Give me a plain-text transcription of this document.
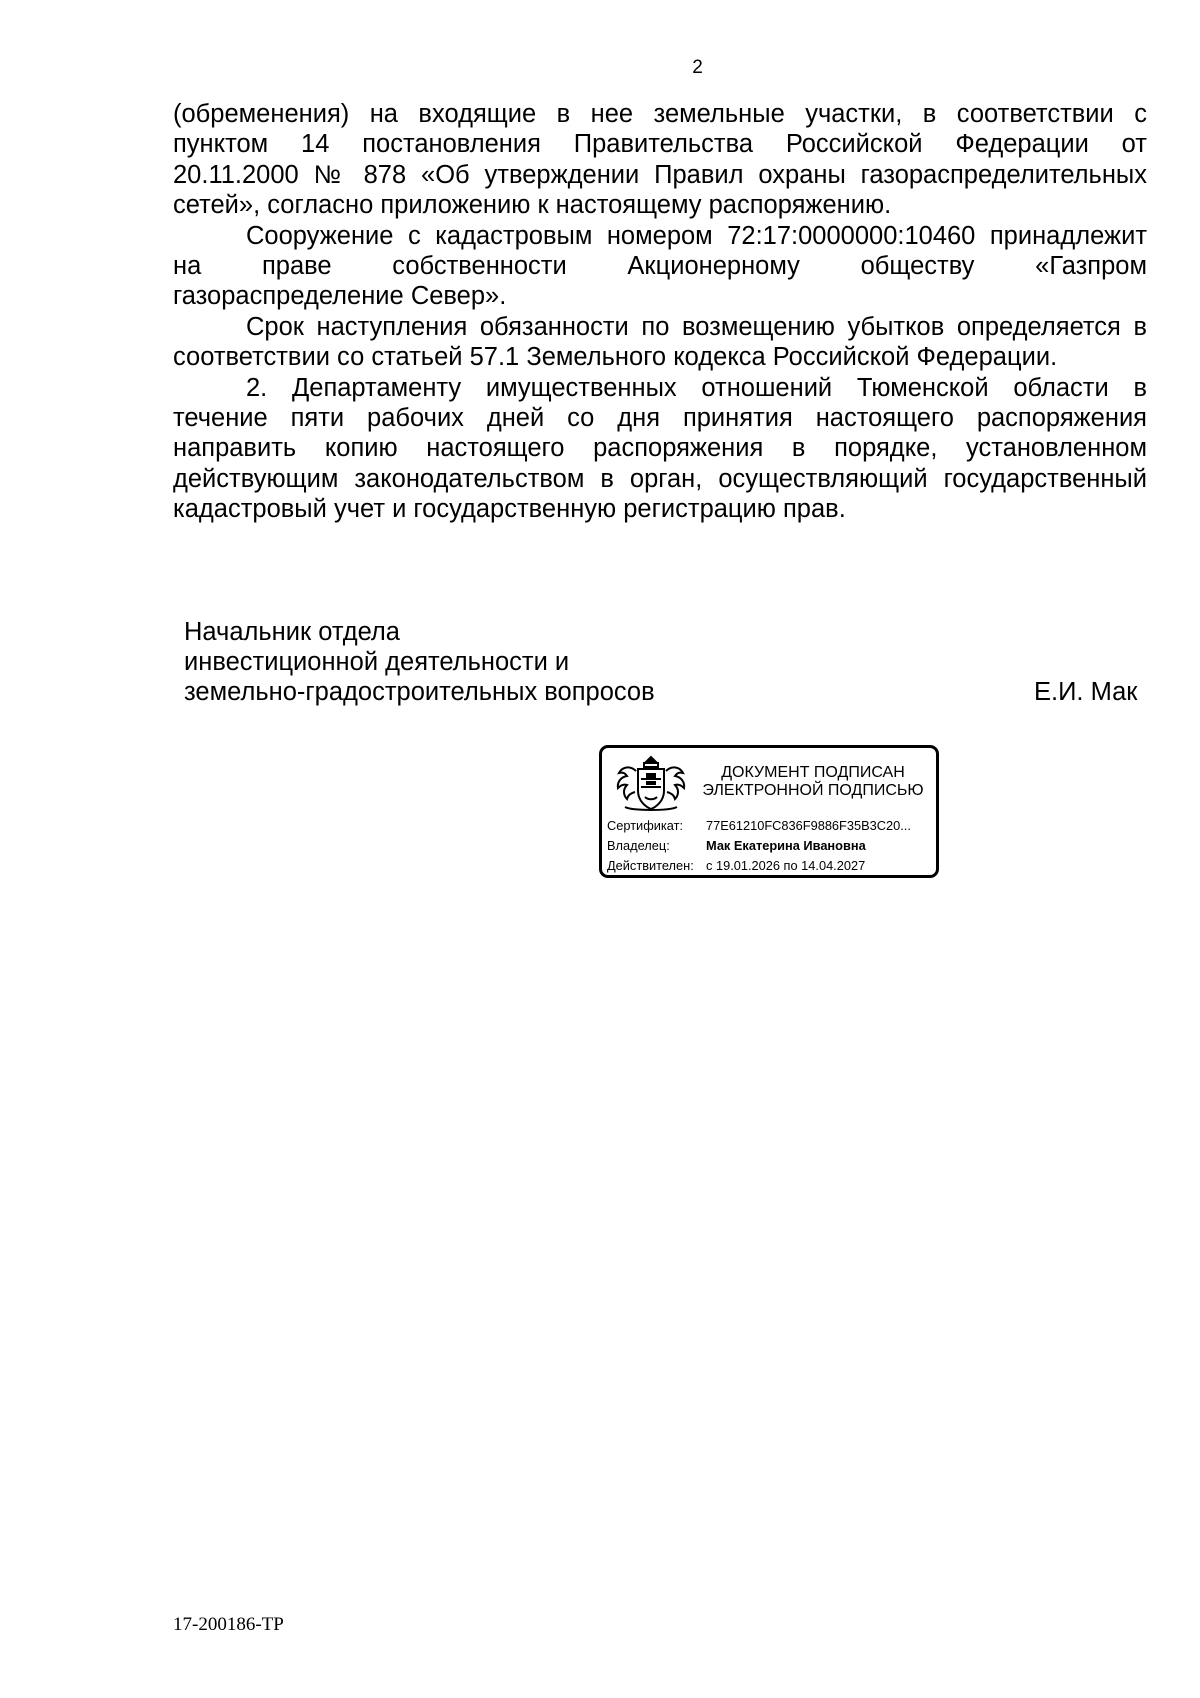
2

(обременения) на входящие в нее земельные участки, в соответствии с
пунктом 14 постановления Правительства Российской Федерации от
20.11.2000 № 878 «Об утверждении Правил охраны газораспределительных
сетей», согласно приложению к настоящему распоряжению.

Сооружение с кадастровым номером 72:17:0000000:10460 принадлежит
на праве собственности Акционерному обществу «Газпром
газораспределение Север».

Срок наступления обязанности по возмещению убытков определяется в
соответствии со статьей 57.1 Земельного кодекса Российской Федерации.

2. Департаменту имущественных отношений Тюменской области в
течение пяти рабочих дней со дня принятия настоящего распоряжения
направить копию настоящего распоряжения в порядке, установленном
действующим законодательством в орган, осуществляющий государственный
кадастровый учет и государственную регистрацию прав.

Начальник отдела
инвестиционной деятельности и
земельно-градостроительных вопросов	Е.И. Мак
ДОКУМЕНТ ПОДПИСАН
ЭЛЕКТРОННОЙ ПОДПИСЬЮ
Сертификат:	77E61210FC836F9886F35B3C20...
Владелец:	Мак Екатерина Ивановна
Действителен: с 19.01.2026 по 14.04.2027
17-200186-ТР
